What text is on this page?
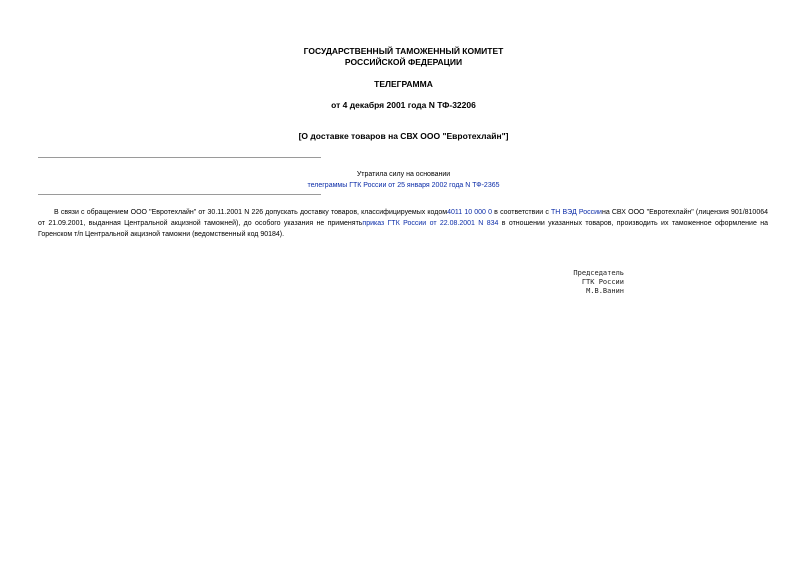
ГОСУДАРСТВЕННЫЙ ТАМОЖЕННЫЙ КОМИТЕТ
РОССИЙСКОЙ ФЕДЕРАЦИИ
ТЕЛЕГРАММА
от 4 декабря 2001 года N ТФ-32206
[О доставке товаров на СВХ ООО "Евротехлайн"]
Утратила силу на основании
телеграммы ГТК России от 25 января 2002 года N ТФ-2365

В связи с обращением ООО "Евротехлайн" от 30.11.2001 N 226 допускать доставку товаров, классифицируемых кодом4011 10 000 0 в соответствии с ТН ВЭД Россиина СВХ ООО "Евротехлайн" (лицензия 901/810064 от 21.09.2001, выданная Центральной акцизной таможней), до особого указания не применятьприказ ГТК России от 22.08.2001 N 834 в отношении указанных товаров, производить их таможенное оформление на Горенском т/п Центральной акцизной таможни (ведомственный код 90184).

Председатель
ГТК России
М.В.Ванин
